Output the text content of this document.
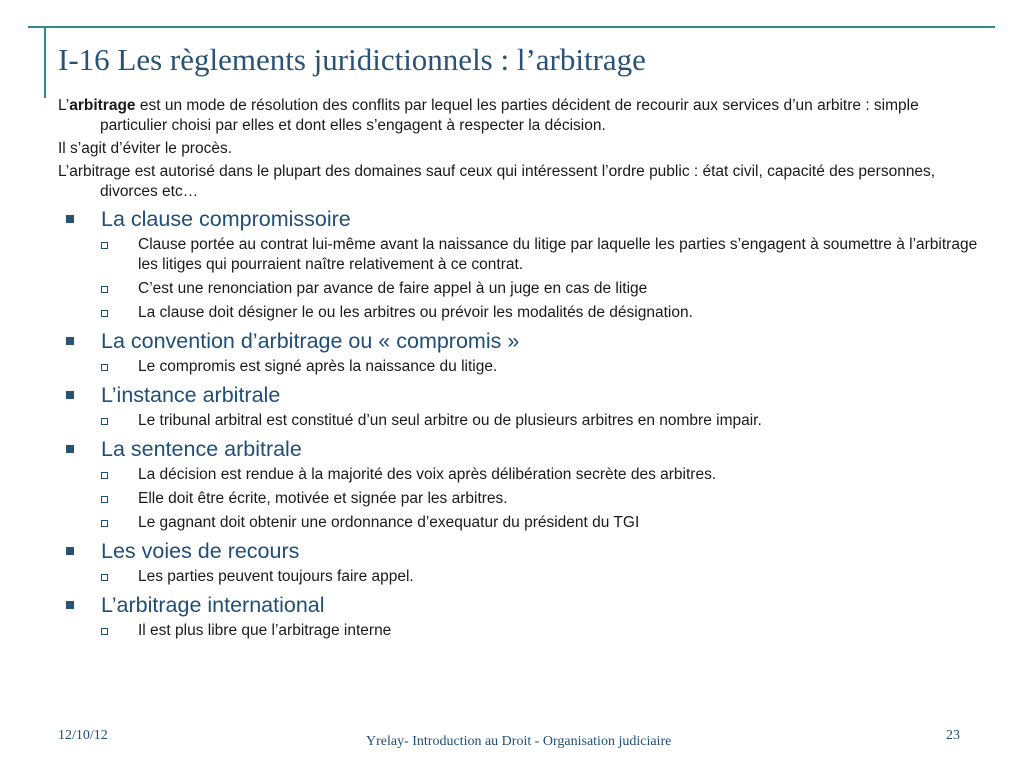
I-16 Les règlements juridictionnels : l’arbitrage

L’arbitrage est un mode de résolution des conflits par lequel les parties décident de recourir aux services d’un arbitre : simple particulier choisi par elles et dont elles s’engagent à respecter la décision.

Il s’agit d’éviter le procès.

L’arbitrage est autorisé dans le plupart des domaines sauf ceux qui intéressent l’ordre public : état civil, capacité des personnes, divorces etc…

La clause compromissoire
Clause portée au contrat lui-même avant la naissance du litige par laquelle les parties s’engagent à soumettre à l’arbitrage les litiges qui pourraient naître relativement à ce contrat.
C’est une renonciation par avance de faire appel à un juge en cas de litige
La clause doit désigner le ou les arbitres ou prévoir les modalités de désignation.
La convention d’arbitrage ou « compromis »
Le compromis est signé après la naissance du litige.
L’instance arbitrale
Le tribunal arbitral est constitué d’un seul arbitre ou de plusieurs arbitres en nombre impair.
La sentence arbitrale
La décision est rendue à la majorité des voix après délibération secrète des arbitres.
Elle doit être écrite, motivée et signée par les arbitres.
Le gagnant doit obtenir une ordonnance d’exequatur du président du TGI
Les voies de recours
Les parties peuvent toujours faire appel.
L’arbitrage international
Il est plus libre que l’arbitrage interne
12/10/12	Yrelay- Introduction au Droit - Organisation judiciaire	23
